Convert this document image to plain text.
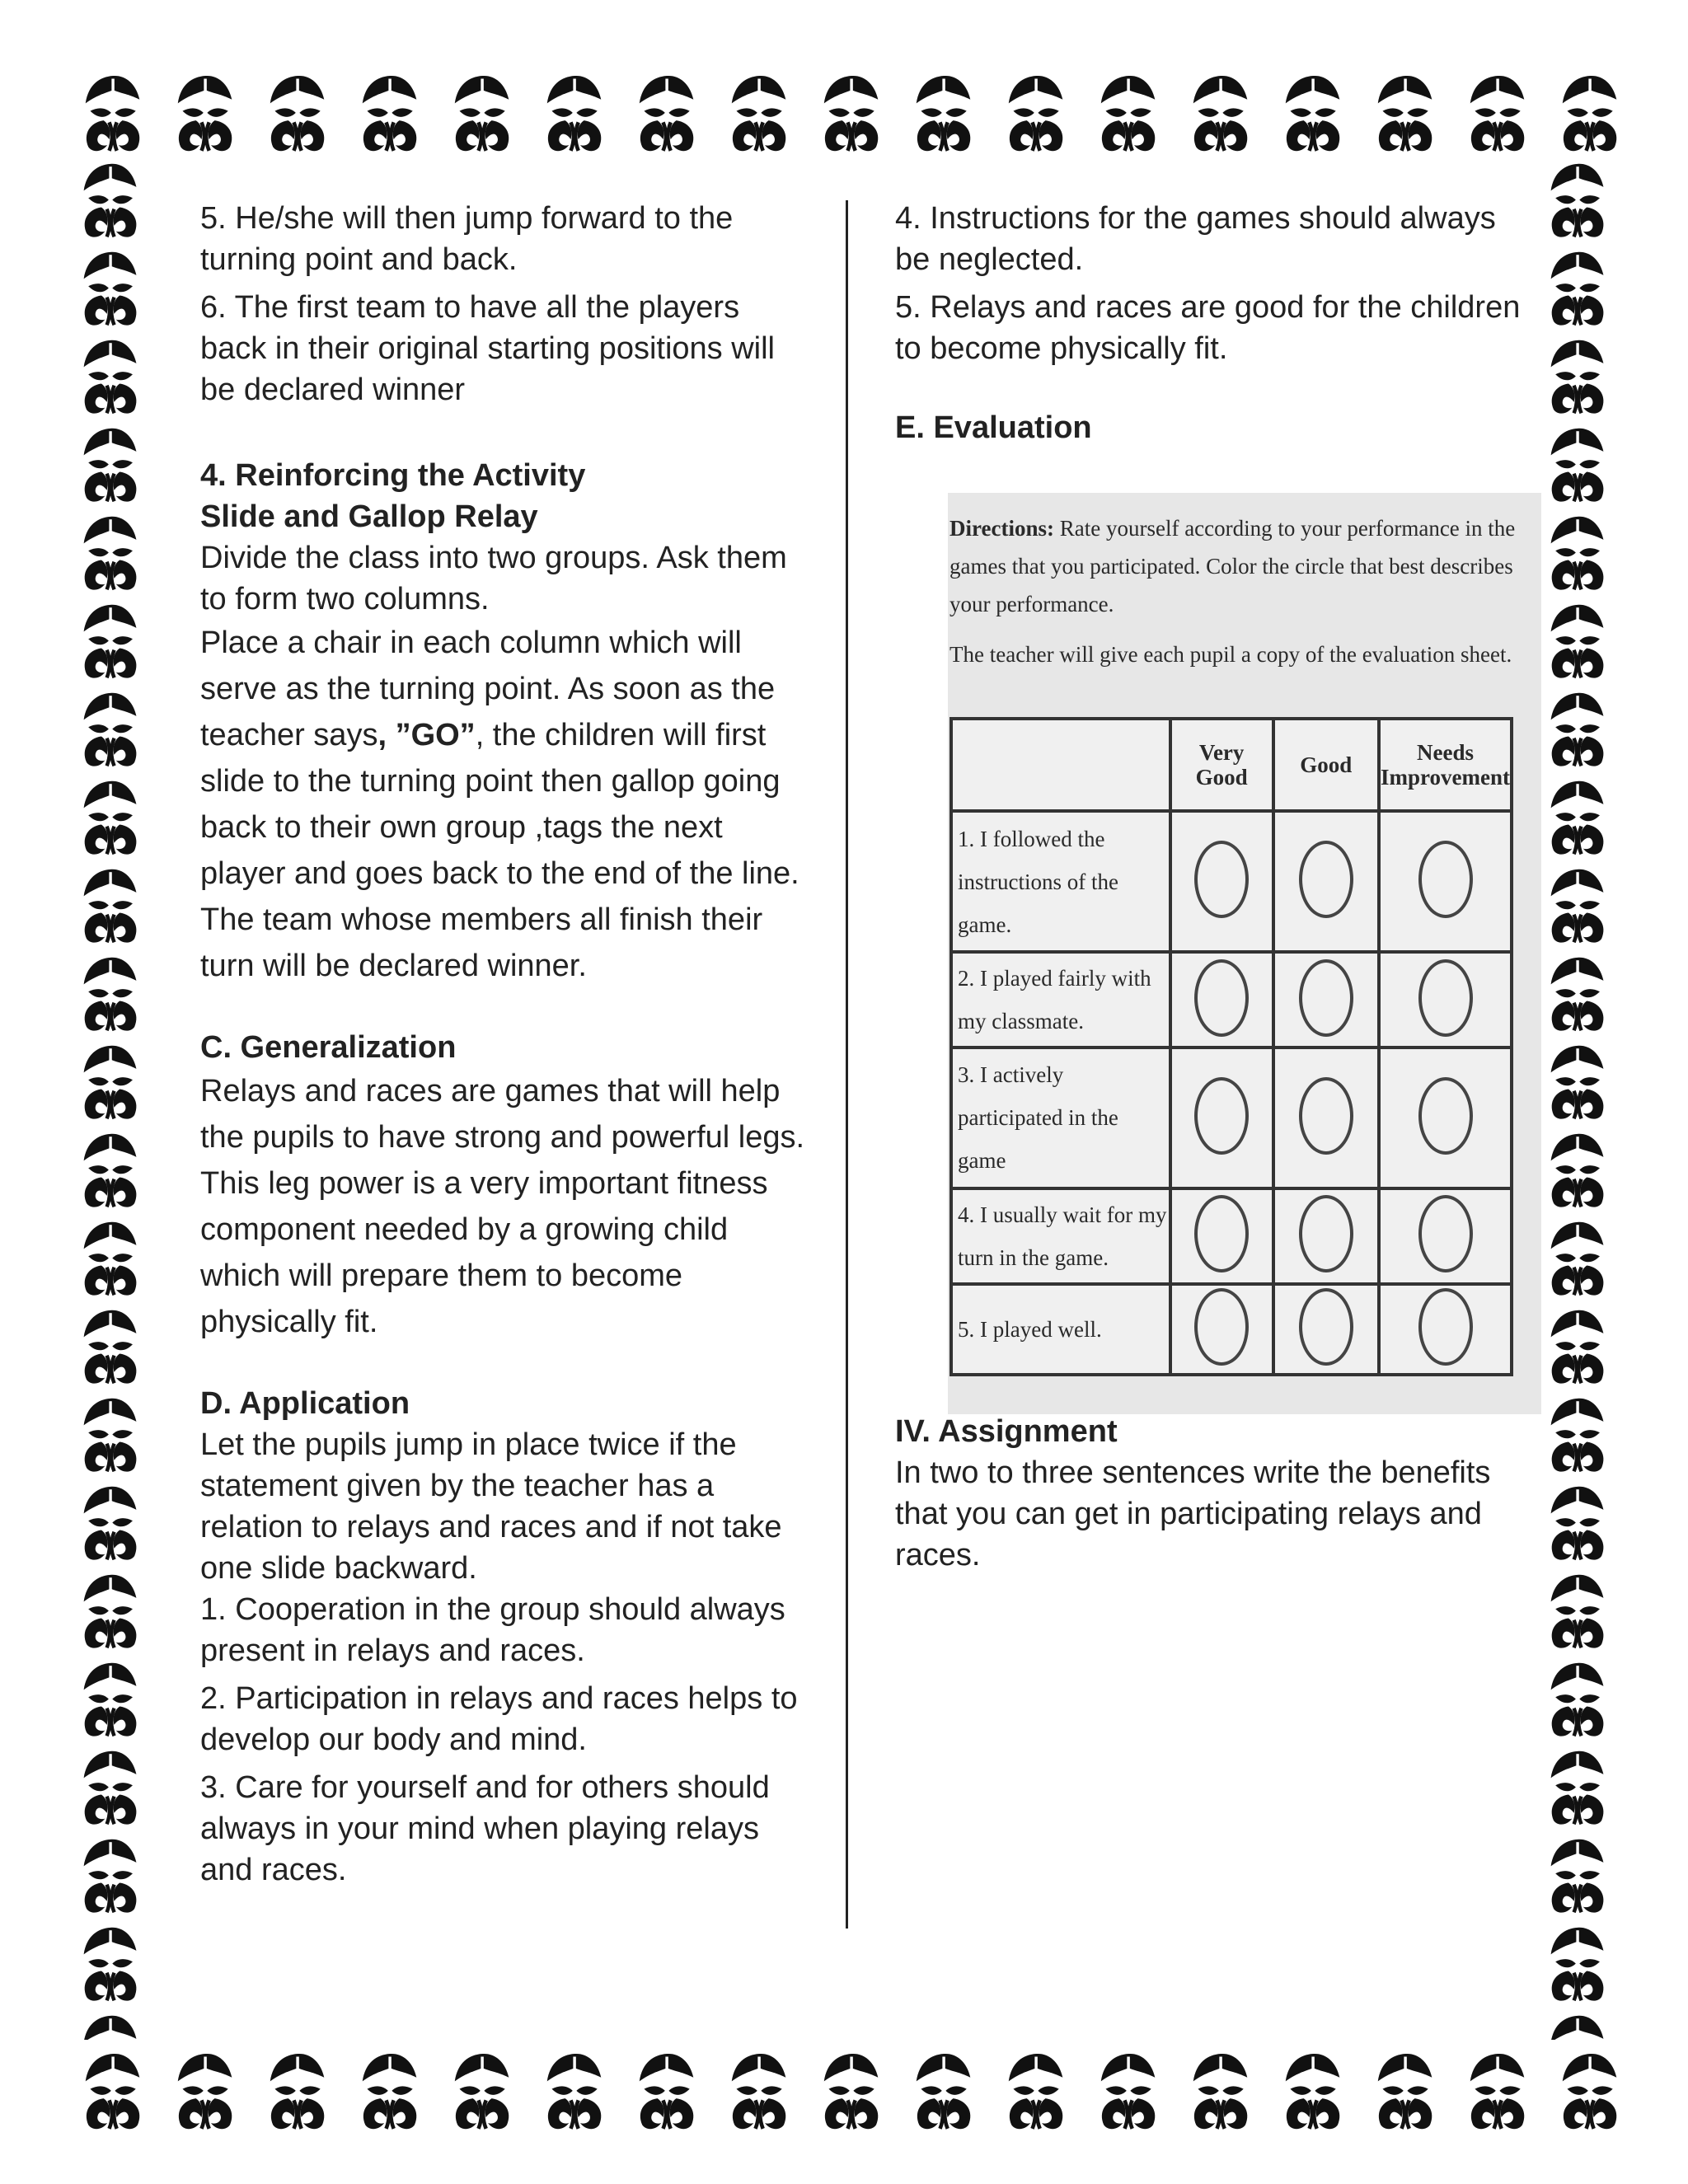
5. He/she will then jump forward to the turning point and back.

6. The first team to have all the players back in their original starting positions will be declared winner

4. Reinforcing the Activity

Slide and Gallop Relay

Divide the class into two groups. Ask them to form two columns.

Place a chair in each column which will serve as the turning point. As soon as the teacher says, ”GO”, the children will first slide to the turning point then gallop going back to their own group ,tags the next player and goes back to the end of the line. The team whose members all finish their turn will be declared winner.

C. Generalization

Relays and races are games that will help the pupils to have strong and powerful legs. This leg power is a very important fitness component needed by a growing child which will prepare them to become physically fit.

D. Application

Let the pupils jump in place twice if the statement given by the teacher has a relation to relays and races and if not take one slide backward.

1. Cooperation in the group should always present in relays and races.

2. Participation in relays and races helps to develop our body and mind.

3. Care for yourself and for others should always in your mind when playing relays and races.

4. Instructions for the games should always be neglected.

5. Relays and races are good for the children to become physically fit.

E. Evaluation

IV. Assignment

In two to three sentences write the benefits that you can get in participating relays and races.

Directions: Rate yourself according to your performance in the games that you participated. Color the circle that best describes your performance.

The teacher will give each pupil a copy of the evaluation sheet.

	Very Good	Good	Needs Improvement
1. I followed the instructions of the game.			
2. I played fairly with my classmate.			
3. I actively participated in the game			
4. I usually wait for my turn in the game.			
5. I played well.			
